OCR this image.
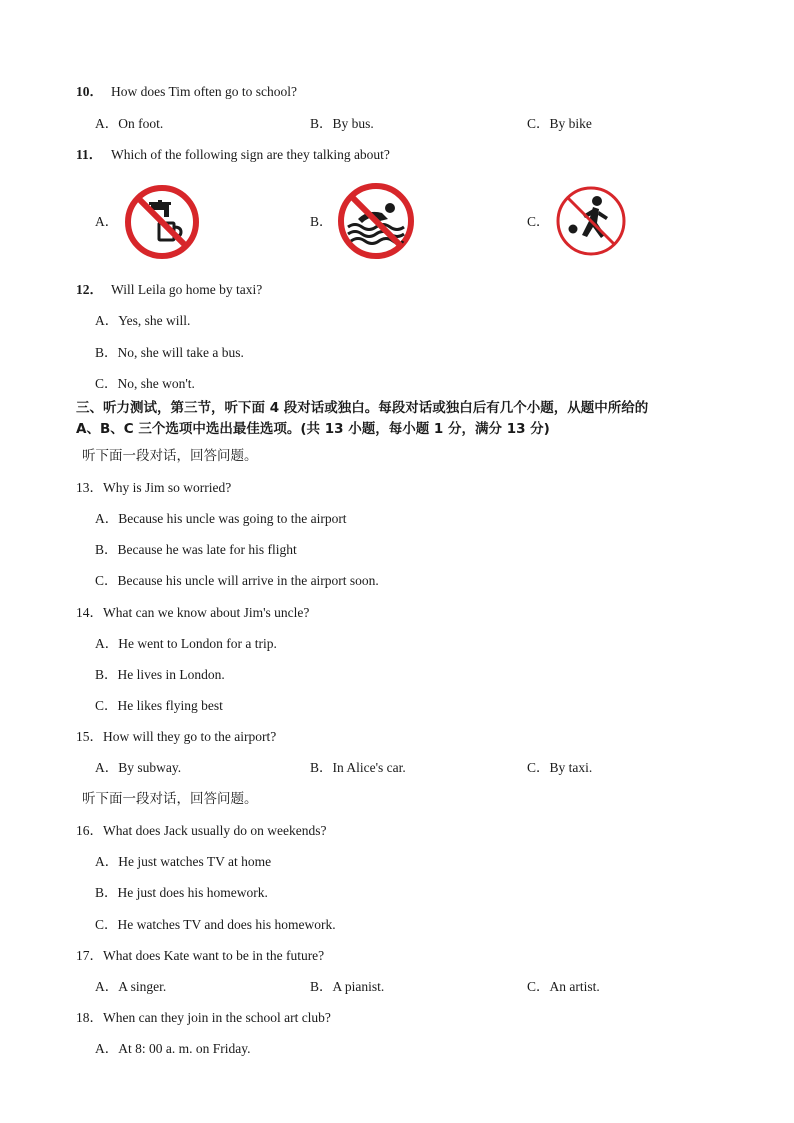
10． How does Tim often go to school?
A．On foot.	B．By bus.	C．By bike
11． Which of the following sign are they talking about?
A．	B．	C．
12． Will Leila go home by taxi?
A．Yes, she will.
B．No, she will take a bus.
C．No, she won't.
三、听力测试，第三节，听下面 4 段对话或独白。每段对话或独白后有几个小题，从题中所给的
A、B、C 三个选项中选出最佳选项。(共 13 小题，每小题 1 分，满分 13 分)
听下面一段对话，回答问题。
13．Why is Jim so worried?
A．Because his uncle was going to the airport
B．Because he was late for his flight
C．Because his uncle will arrive in the airport soon.
14．What can we know about Jim's uncle?
A．He went to London for a trip.
B．He lives in London.
C．He likes flying best
15．How will they go to the airport?
A．By subway.	B．In Alice's car.	C．By taxi.
听下面一段对话，回答问题。
16．What does Jack usually do on weekends?
A．He just watches TV at home
B．He just does his homework.
C．He watches TV and does his homework.
17．What does Kate want to be in the future?
A．A singer.	B．A pianist.	C．An artist.
18．When can they join in the school art club?
A．At 8: 00 a. m. on Friday.
